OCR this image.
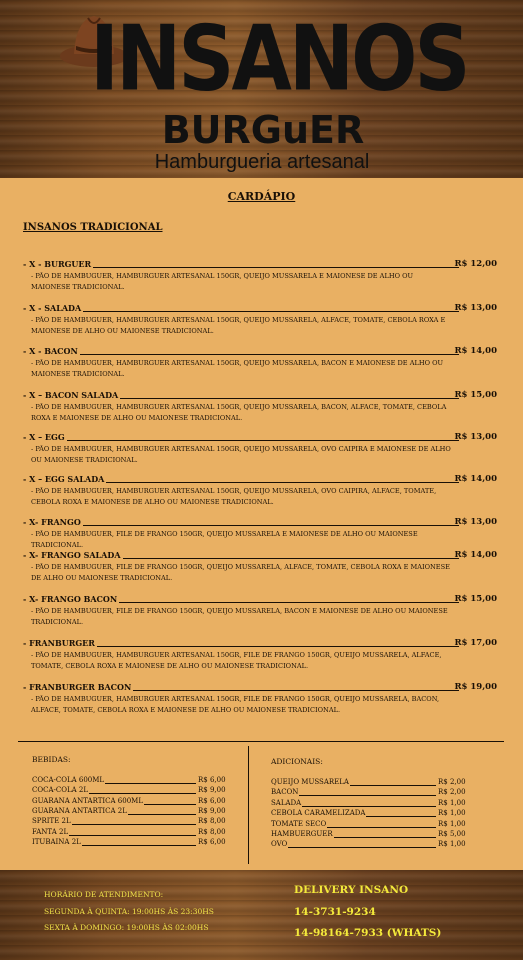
INSANOS
BURGuER
Hamburgueria artesanal
CARDÁPIO
INSANOS TRADICIONAL
- X - BURGUER	R$ 12,00
- PÃO DE HAMBUGUER, HAMBURGUER ARTESANAL 150GR, QUEIJO MUSSARELA E MAIONESE DE ALHO OU MAIONESE TRADICIONAL.
- X - SALADA	R$ 13,00
- PÃO DE HAMBUGUER, HAMBURGUER ARTESANAL 150GR, QUEIJO MUSSARELA, ALFACE, TOMATE, CEBOLA ROXA E MAIONESE DE ALHO OU MAIONESE TRADICIONAL.
- X - BACON	R$ 14,00
- PÃO DE HAMBUGUER, HAMBURGUER ARTESANAL 150GR, QUEIJO MUSSARELA, BACON E MAIONESE DE ALHO OU MAIONESE TRADICIONAL.
- X – BACON SALADA	R$ 15,00
- PÃO DE HAMBUGUER, HAMBURGUER ARTESANAL 150GR, QUEIJO MUSSARELA, BACON, ALFACE, TOMATE, CEBOLA ROXA E MAIONESE DE ALHO OU MAIONESE TRADICIONAL.
- X – EGG	R$ 13,00
- PÃO DE HAMBUGUER, HAMBURGUER ARTESANAL 150GR, QUEIJO MUSSARELA, OVO CAIPIRA E MAIONESE DE ALHO OU MAIONESE TRADICIONAL.
- X – EGG SALADA	R$ 14,00
- PÃO DE HAMBUGUER, HAMBURGUER ARTESANAL 150GR, QUEIJO MUSSARELA, OVO CAIPIRA, ALFACE, TOMATE, CEBOLA ROXA E MAIONESE DE ALHO OU MAIONESE TRADICIONAL.
- X- FRANGO	R$ 13,00
- PÃO DE HAMBUGUER, FILE DE FRANGO 150GR, QUEIJO MUSSARELA E MAIONESE DE ALHO OU MAIONESE TRADICIONAL.
- X- FRANGO SALADA	R$ 14,00
- PÃO DE HAMBUGUER, FILE DE FRANGO 150GR, QUEIJO MUSSARELA, ALFACE, TOMATE, CEBOLA ROXA E MAIONESE DE ALHO OU MAIONESE TRADICIONAL.
- X- FRANGO BACON	R$ 15,00
- PÃO DE HAMBUGUER, FILE DE FRANGO 150GR, QUEIJO MUSSARELA, BACON E MAIONESE DE ALHO OU MAIONESE TRADICIONAL.
- FRANBURGER	R$ 17,00
- PÃO DE HAMBUGUER, HAMBURGUER ARTESANAL 150GR, FILE DE FRANGO 150GR, QUEIJO MUSSARELA, ALFACE, TOMATE, CEBOLA ROXA E MAIONESE DE ALHO OU MAIONESE TRADICIONAL.
- FRANBURGER BACON	R$ 19,00
- PÃO DE HAMBUGUER, HAMBURGUER ARTESANAL 150GR, FILE DE FRANGO 150GR, QUEIJO MUSSARELA, BACON, ALFACE, TOMATE, CEBOLA ROXA E MAIONESE DE ALHO OU MAIONESE TRADICIONAL.
BEBIDAS:
COCA-COLA 600ML	R$ 6,00
COCA-COLA 2L	R$ 9,00
GUARANA ANTARTICA 600ML	R$ 6,00
GUARANA ANTARTICA 2L	R$ 9,00
SPRITE 2L	R$ 8,00
FANTA 2L	R$ 8,00
ITUBAINA 2L	R$ 6,00
ADICIONAIS:
QUEIJO MUSSARELA	R$ 2,00
BACON	R$ 2,00
SALADA	R$ 1,00
CEBOLA CARAMELIZADA	R$ 1,00
TOMATE SECO	R$ 1,00
HAMBUERGUER	R$ 5,00
OVO	R$ 1,00
HORÁRIO DE ATENDIMENTO:
SEGUNDA À QUINTA: 19:00HS ÀS 23:30HS
SEXTA À DOMINGO: 19:00HS ÀS 02:00HS
DELIVERY INSANO
14-3731-9234
14-98164-7933 (WHATS)
